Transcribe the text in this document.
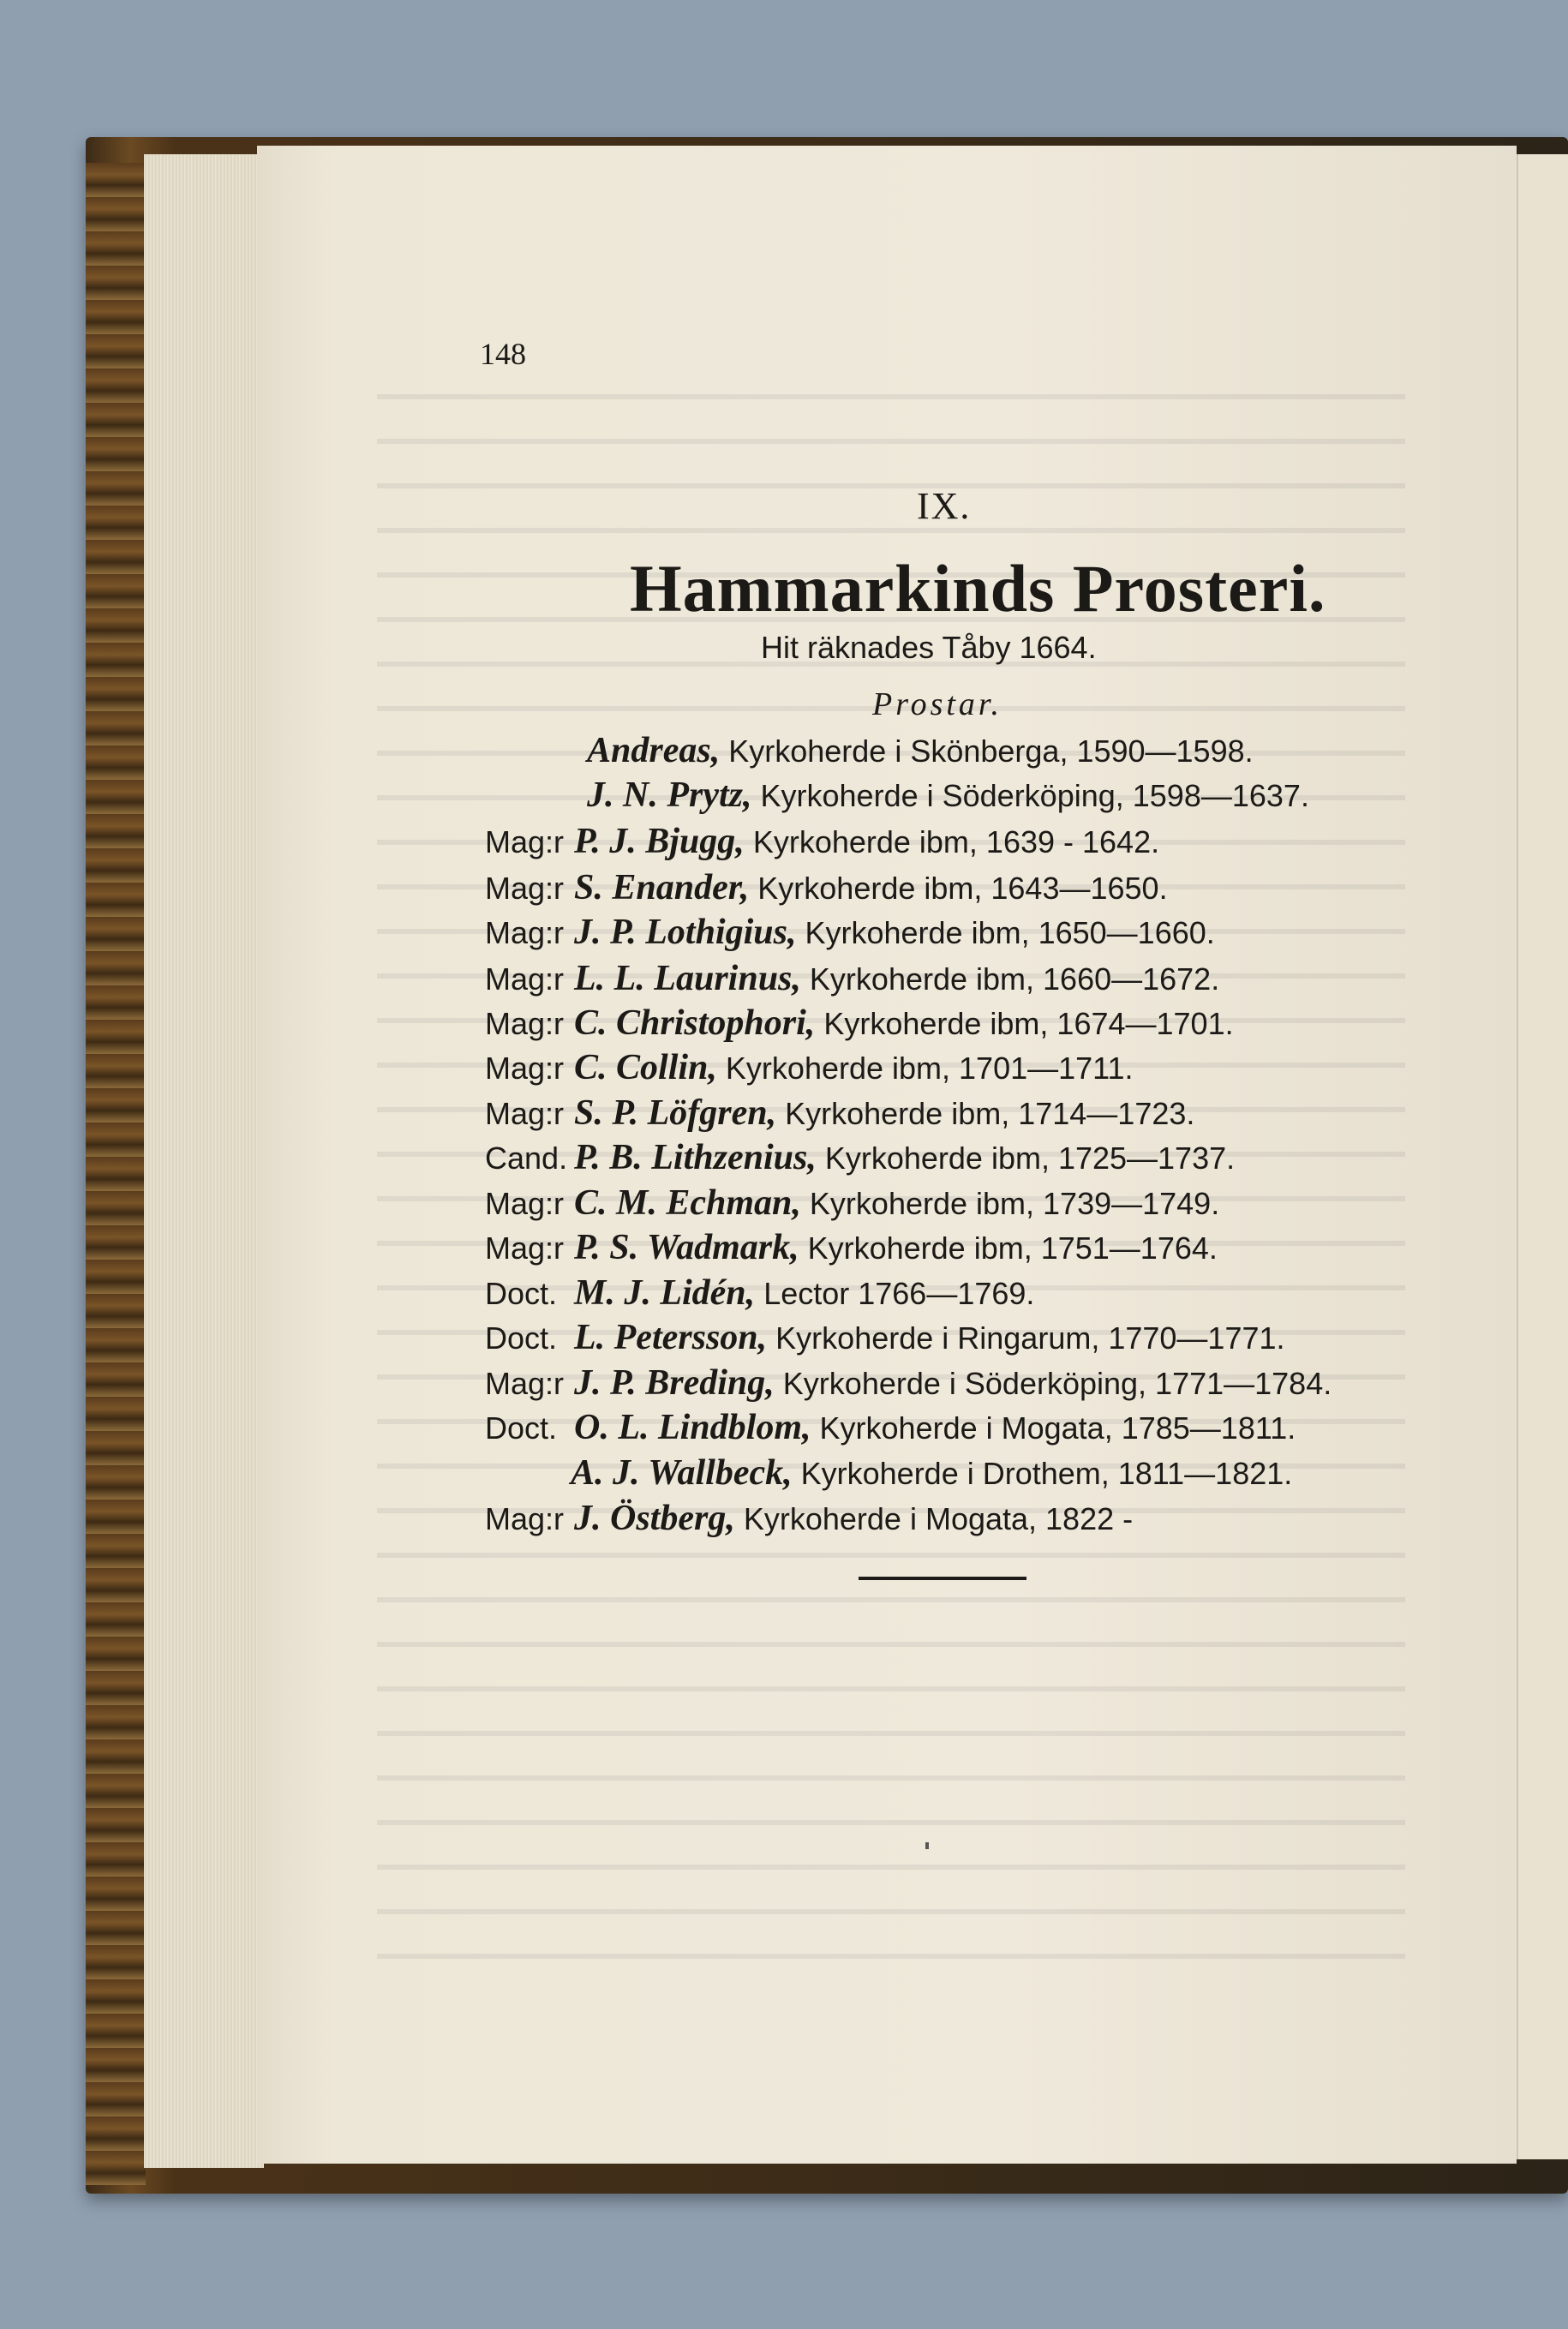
148
IX.
Hammarkinds Prosteri.
Hit räknades Tåby 1664.
Prostar.
Andreas, Kyrkoherde i Skönberga, 1590—1598.
J. N. Prytz, Kyrkoherde i Söderköping, 1598—1637.
Mag:r P. J. Bjugg, Kyrkoherde ibm, 1639 - 1642.
Mag:r S. Enander, Kyrkoherde ibm, 1643—1650.
Mag:r J. P. Lothigius, Kyrkoherde ibm, 1650—1660.
Mag:r L. L. Laurinus, Kyrkoherde ibm, 1660—1672.
Mag:r C. Christophori, Kyrkoherde ibm, 1674—1701.
Mag:r C. Collin, Kyrkoherde ibm, 1701—1711.
Mag:r S. P. Löfgren, Kyrkoherde ibm, 1714—1723.
Cand. P. B. Lithzenius, Kyrkoherde ibm, 1725—1737.
Mag:r C. M. Echman, Kyrkoherde ibm, 1739—1749.
Mag:r P. S. Wadmark, Kyrkoherde ibm, 1751—1764.
Doct. M. J. Lidén, Lector 1766—1769.
Doct. L. Petersson, Kyrkoherde i Ringarum, 1770—1771.
Mag:r J. P. Breding, Kyrkoherde i Söderköping, 1771—1784.
Doct. O. L. Lindblom, Kyrkoherde i Mogata, 1785—1811.
A. J. Wallbeck, Kyrkoherde i Drothem, 1811—1821.
Mag:r J. Östberg, Kyrkoherde i Mogata, 1822 -
